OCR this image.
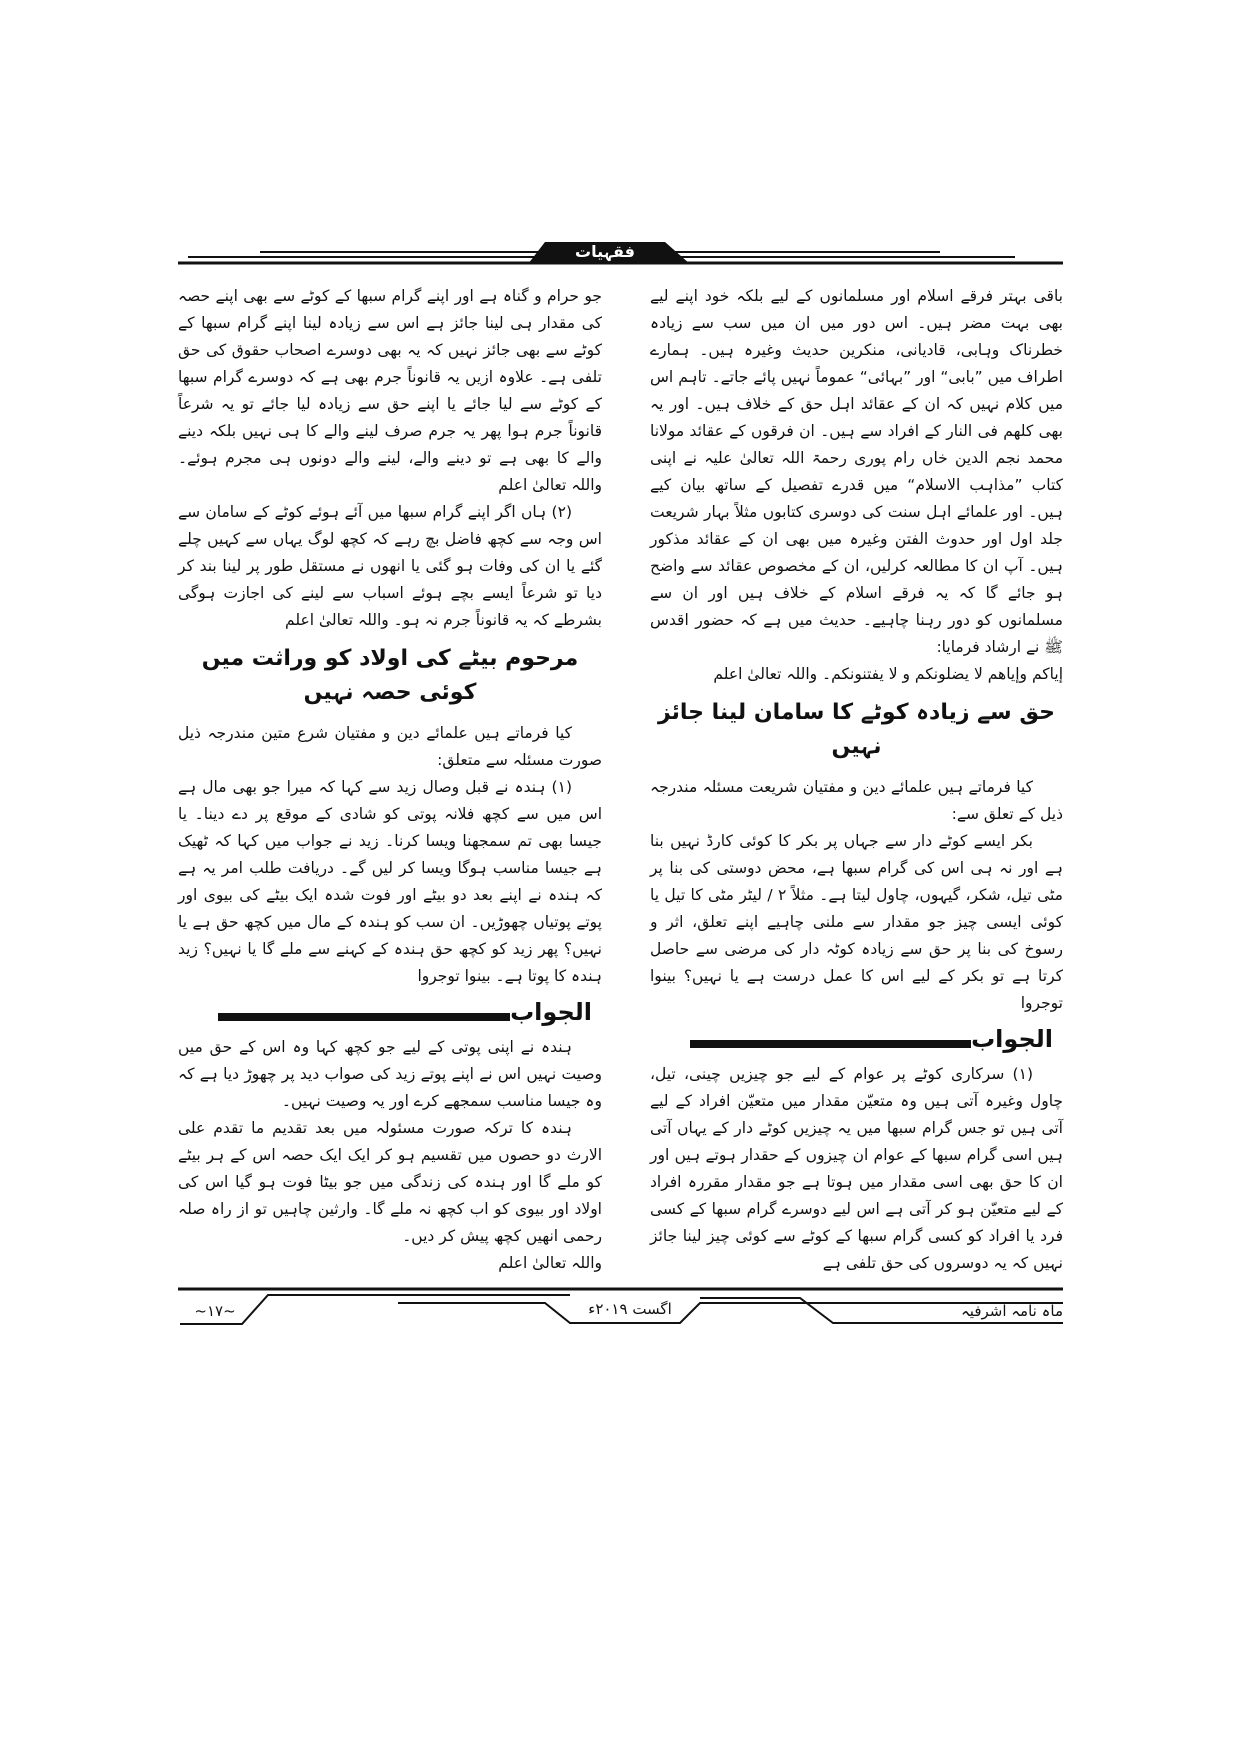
فقہیات

باقی بہتر فرقے اسلام اور مسلمانوں کے لیے بلکہ خود اپنے لیے بھی بہت مضر ہیں۔ اس دور میں ان میں سب سے زیادہ خطرناک وہابی، قادیانی، منکرین حدیث وغیرہ ہیں۔ ہمارے اطراف میں ”بابی“ اور ”بہائی“ عموماً نہیں پائے جاتے۔ تاہم اس میں کلام نہیں کہ ان کے عقائد اہل حق کے خلاف ہیں۔ اور یہ بھی کلھم فی النار کے افراد سے ہیں۔ ان فرقوں کے عقائد مولانا محمد نجم الدین خاں رام پوری رحمۃ اللہ تعالیٰ علیہ نے اپنی کتاب ”مذاہب الاسلام“ میں قدرے تفصیل کے ساتھ بیان کیے ہیں۔ اور علمائے اہل سنت کی دوسری کتابوں مثلاً بہار شریعت جلد اول اور حدوث الفتن وغیرہ میں بھی ان کے عقائد مذکور ہیں۔ آپ ان کا مطالعہ کرلیں، ان کے مخصوص عقائد سے واضح ہو جائے گا کہ یہ فرقے اسلام کے خلاف ہیں اور ان سے مسلمانوں کو دور رہنا چاہیے۔ حدیث میں ہے کہ حضور اقدس ﷺ نے ارشاد فرمایا:

إیاکم وإیاھم لا یضلونکم و لا یفتنونکم۔ واللہ تعالیٰ اعلم

حق سے زیادہ کوٹے کا سامان لینا جائز نہیں

کیا فرماتے ہیں علمائے دین و مفتیان شریعت مسئلہ مندرجہ ذیل کے تعلق سے:

بکر ایسے کوٹے دار سے جہاں پر بکر کا کوئی کارڈ نہیں بنا ہے اور نہ ہی اس کی گرام سبھا ہے، محض دوستی کی بنا پر مٹی تیل، شکر، گیہوں، چاول لیتا ہے۔ مثلاً ۲ / لیٹر مٹی کا تیل یا کوئی ایسی چیز جو مقدار سے ملنی چاہیے اپنے تعلق، اثر و رسوخ کی بنا پر حق سے زیادہ کوٹہ دار کی مرضی سے حاصل کرتا ہے تو بکر کے لیے اس کا عمل درست ہے یا نہیں؟ بینوا توجروا

الجواب

(۱) سرکاری کوٹے پر عوام کے لیے جو چیزیں چینی، تیل، چاول وغیرہ آتی ہیں وہ متعیّن مقدار میں متعیّن افراد کے لیے آتی ہیں تو جس گرام سبھا میں یہ چیزیں کوٹے دار کے یہاں آتی ہیں اسی گرام سبھا کے عوام ان چیزوں کے حقدار ہوتے ہیں اور ان کا حق بھی اسی مقدار میں ہوتا ہے جو مقدار مقررہ افراد کے لیے متعیّن ہو کر آتی ہے اس لیے دوسرے گرام سبھا کے کسی فرد یا افراد کو کسی گرام سبھا کے کوٹے سے کوئی چیز لینا جائز نہیں کہ یہ دوسروں کی حق تلفی ہے

جو حرام و گناہ ہے اور اپنے گرام سبھا کے کوٹے سے بھی اپنے حصہ کی مقدار ہی لینا جائز ہے اس سے زیادہ لینا اپنے گرام سبھا کے کوٹے سے بھی جائز نہیں کہ یہ بھی دوسرے اصحاب حقوق کی حق تلفی ہے۔ علاوہ ازیں یہ قانوناً جرم بھی ہے کہ دوسرے گرام سبھا کے کوٹے سے لیا جائے یا اپنے حق سے زیادہ لیا جائے تو یہ شرعاً قانوناً جرم ہوا پھر یہ جرم صرف لینے والے کا ہی نہیں بلکہ دینے والے کا بھی ہے تو دینے والے، لینے والے دونوں ہی مجرم ہوئے۔ واللہ تعالیٰ اعلم

(۲) ہاں اگر اپنے گرام سبھا میں آئے ہوئے کوٹے کے سامان سے اس وجہ سے کچھ فاضل بچ رہے کہ کچھ لوگ یہاں سے کہیں چلے گئے یا ان کی وفات ہو گئی یا انھوں نے مستقل طور پر لینا بند کر دیا تو شرعاً ایسے بچے ہوئے اسباب سے لینے کی اجازت ہوگی بشرطے کہ یہ قانوناً جرم نہ ہو۔ واللہ تعالیٰ اعلم

مرحوم بیٹے کی اولاد کو وراثت میں کوئی حصہ نہیں

کیا فرماتے ہیں علمائے دین و مفتیان شرع متین مندرجہ ذیل صورت مسئلہ سے متعلق:

(۱) ہندہ نے قبل وصال زید سے کہا کہ میرا جو بھی مال ہے اس میں سے کچھ فلانہ پوتی کو شادی کے موقع پر دے دینا۔ یا جیسا بھی تم سمجھنا ویسا کرنا۔ زید نے جواب میں کہا کہ ٹھیک ہے جیسا مناسب ہوگا ویسا کر لیں گے۔ دریافت طلب امر یہ ہے کہ ہندہ نے اپنے بعد دو بیٹے اور فوت شدہ ایک بیٹے کی بیوی اور پوتے پوتیاں چھوڑیں۔ ان سب کو ہندہ کے مال میں کچھ حق ہے یا نہیں؟ پھر زید کو کچھ حق ہندہ کے کہنے سے ملے گا یا نہیں؟ زید ہندہ کا پوتا ہے۔ بینوا توجروا

الجواب

ہندہ نے اپنی پوتی کے لیے جو کچھ کہا وہ اس کے حق میں وصیت نہیں اس نے اپنے پوتے زید کی صواب دید پر چھوڑ دیا ہے کہ وہ جیسا مناسب سمجھے کرے اور یہ وصیت نہیں۔

ہندہ کا ترکہ صورت مسئولہ میں بعد تقدیم ما تقدم علی الارث دو حصوں میں تقسیم ہو کر ایک ایک حصہ اس کے ہر بیٹے کو ملے گا اور ہندہ کی زندگی میں جو بیٹا فوت ہو گیا اس کی اولاد اور بیوی کو اب کچھ نہ ملے گا۔ وارثین چاہیں تو از راہ صلہ رحمی انھیں کچھ پیش کر دیں۔

واللہ تعالیٰ اعلم

ماہ نامہ اشرفیہ
اگست ۲۰۱۹ء
~۱۷~
